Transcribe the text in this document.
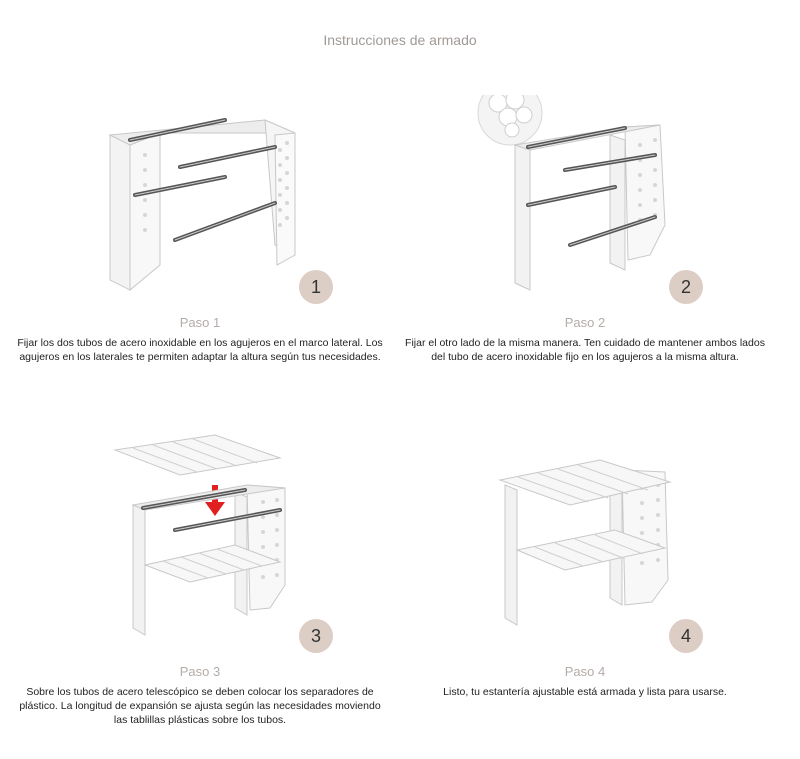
Instrucciones de armado
1
Paso 1
Fijar los dos tubos de acero inoxidable en los agujeros en el marco lateral. Los agujeros en los laterales te permiten adaptar la altura según tus necesidades.
2
Paso 2
Fijar el otro lado de la misma manera. Ten cuidado de mantener ambos lados del tubo de acero inoxidable fijo en los agujeros a la misma altura.
3
Paso 3
Sobre los tubos de acero telescópico se deben colocar los separadores de plástico. La longitud de expansión se ajusta según las necesidades moviendo las tablillas plásticas sobre los tubos.
4
Paso 4
Listo, tu estantería ajustable está armada y lista para usarse.
